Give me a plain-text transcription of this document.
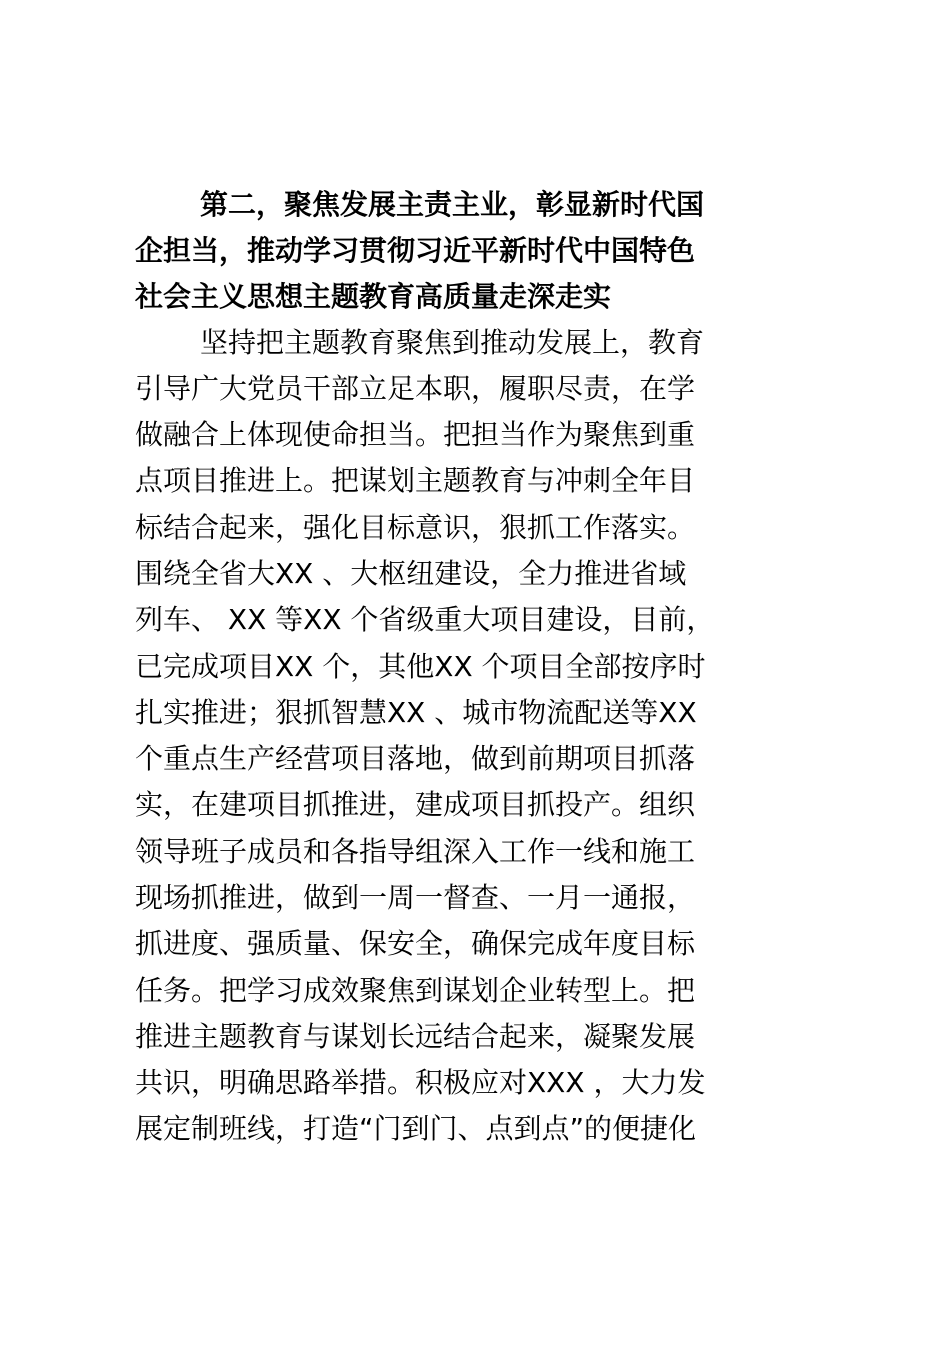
第二，聚焦发展主责主业，彰显新时代国
企担当，推动学习贯彻习近平新时代中国特色
社会主义思想主题教育高质量走深走实
坚持把主题教育聚焦到推动发展上，教育
引导广大党员干部立足本职，履职尽责，在学
做融合上体现使命担当。把担当作为聚焦到重
点项目推进上。把谋划主题教育与冲刺全年目
标结合起来，强化目标意识，狠抓工作落实。
围绕全省大XX 、大枢纽建设，全力推进省域
列车、 XX 等XX 个省级重大项目建设，目前，
已完成项目XX 个，其他XX 个项目全部按序时
扎实推进；狠抓智慧XX 、城市物流配送等XX
个重点生产经营项目落地，做到前期项目抓落
实，在建项目抓推进，建成项目抓投产。组织
领导班子成员和各指导组深入工作一线和施工
现场抓推进，做到一周一督查、一月一通报，
抓进度、强质量、保安全，确保完成年度目标
任务。把学习成效聚焦到谋划企业转型上。把
推进主题教育与谋划长远结合起来，凝聚发展
共识，明确思路举措。积极应对XXX ，大力发
展定制班线，打造“门到门、点到点”的便捷化
